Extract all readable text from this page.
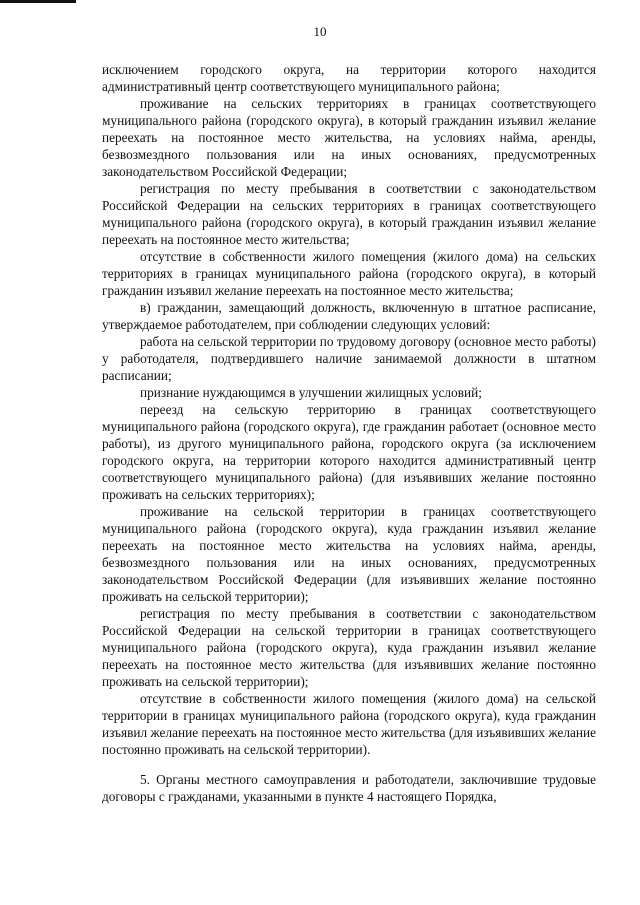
10

исключением городского округа, на территории которого находится административный центр соответствующего муниципального района;

проживание на сельских территориях в границах соответствующего муниципального района (городского округа), в который гражданин изъявил желание переехать на постоянное место жительства, на условиях найма, аренды, безвозмездного пользования или на иных основаниях, предусмотренных законодательством Российской Федерации;

регистрация по месту пребывания в соответствии с законодательством Российской Федерации на сельских территориях в границах соответствующего муниципального района (городского округа), в который гражданин изъявил желание переехать на постоянное место жительства;

отсутствие в собственности жилого помещения (жилого дома) на сельских территориях в границах муниципального района (городского округа), в который гражданин изъявил желание переехать на постоянное место жительства;

в) гражданин, замещающий должность, включенную в штатное расписание, утверждаемое работодателем, при соблюдении следующих условий:

работа на сельской территории по трудовому договору (основное место работы) у работодателя, подтвердившего наличие занимаемой должности в штатном расписании;

признание нуждающимся в улучшении жилищных условий;

переезд на сельскую территорию в границах соответствующего муниципального района (городского округа), где гражданин работает (основное место работы), из другого муниципального района, городского округа (за исключением городского округа, на территории которого находится административный центр соответствующего муниципального района) (для изъявивших желание постоянно проживать на сельских территориях);

проживание на сельской территории в границах соответствующего муниципального района (городского округа), куда гражданин изъявил желание переехать на постоянное место жительства на условиях найма, аренды, безвозмездного пользования или на иных основаниях, предусмотренных законодательством Российской Федерации (для изъявивших желание постоянно проживать на сельской территории);

регистрация по месту пребывания в соответствии с законодательством Российской Федерации на сельской территории в границах соответствующего муниципального района (городского округа), куда гражданин изъявил желание переехать на постоянное место жительства (для изъявивших желание постоянно проживать на сельской территории);

отсутствие в собственности жилого помещения (жилого дома) на сельской территории в границах муниципального района (городского округа), куда гражданин изъявил желание переехать на постоянное место жительства (для изъявивших желание постоянно проживать на сельской территории).

5. Органы местного самоуправления и работодатели, заключившие трудовые договоры с гражданами, указанными в пункте 4 настоящего Порядка,
